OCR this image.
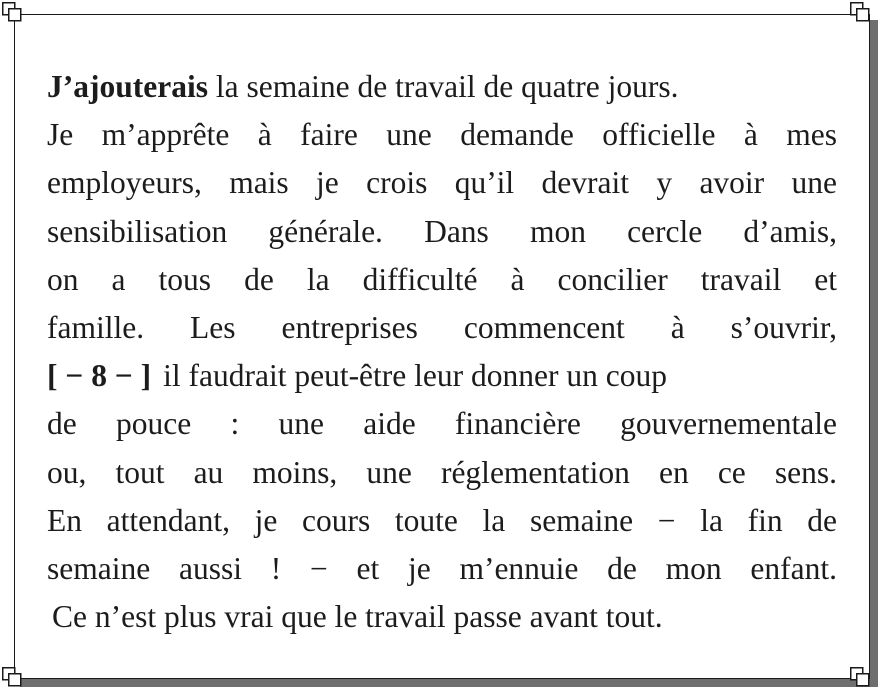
J’ajouterais la semaine de travail de quatre jours.
Je m’apprête à faire une demande officielle à mes
employeurs, mais je crois qu’il devrait y avoir une
sensibilisation générale. Dans mon cercle d’amis,
on a tous de la difficulté à concilier travail et
famille. Les entreprises commencent à s’ouvrir,
[ − 8 − ] il faudrait peut-être leur donner un coup
de pouce : une aide financière gouvernementale
ou, tout au moins, une réglementation en ce sens.
En attendant, je cours toute la semaine − la fin de
semaine aussi ! − et je m’ennuie de mon enfant.
Ce n’est plus vrai que le travail passe avant tout.
